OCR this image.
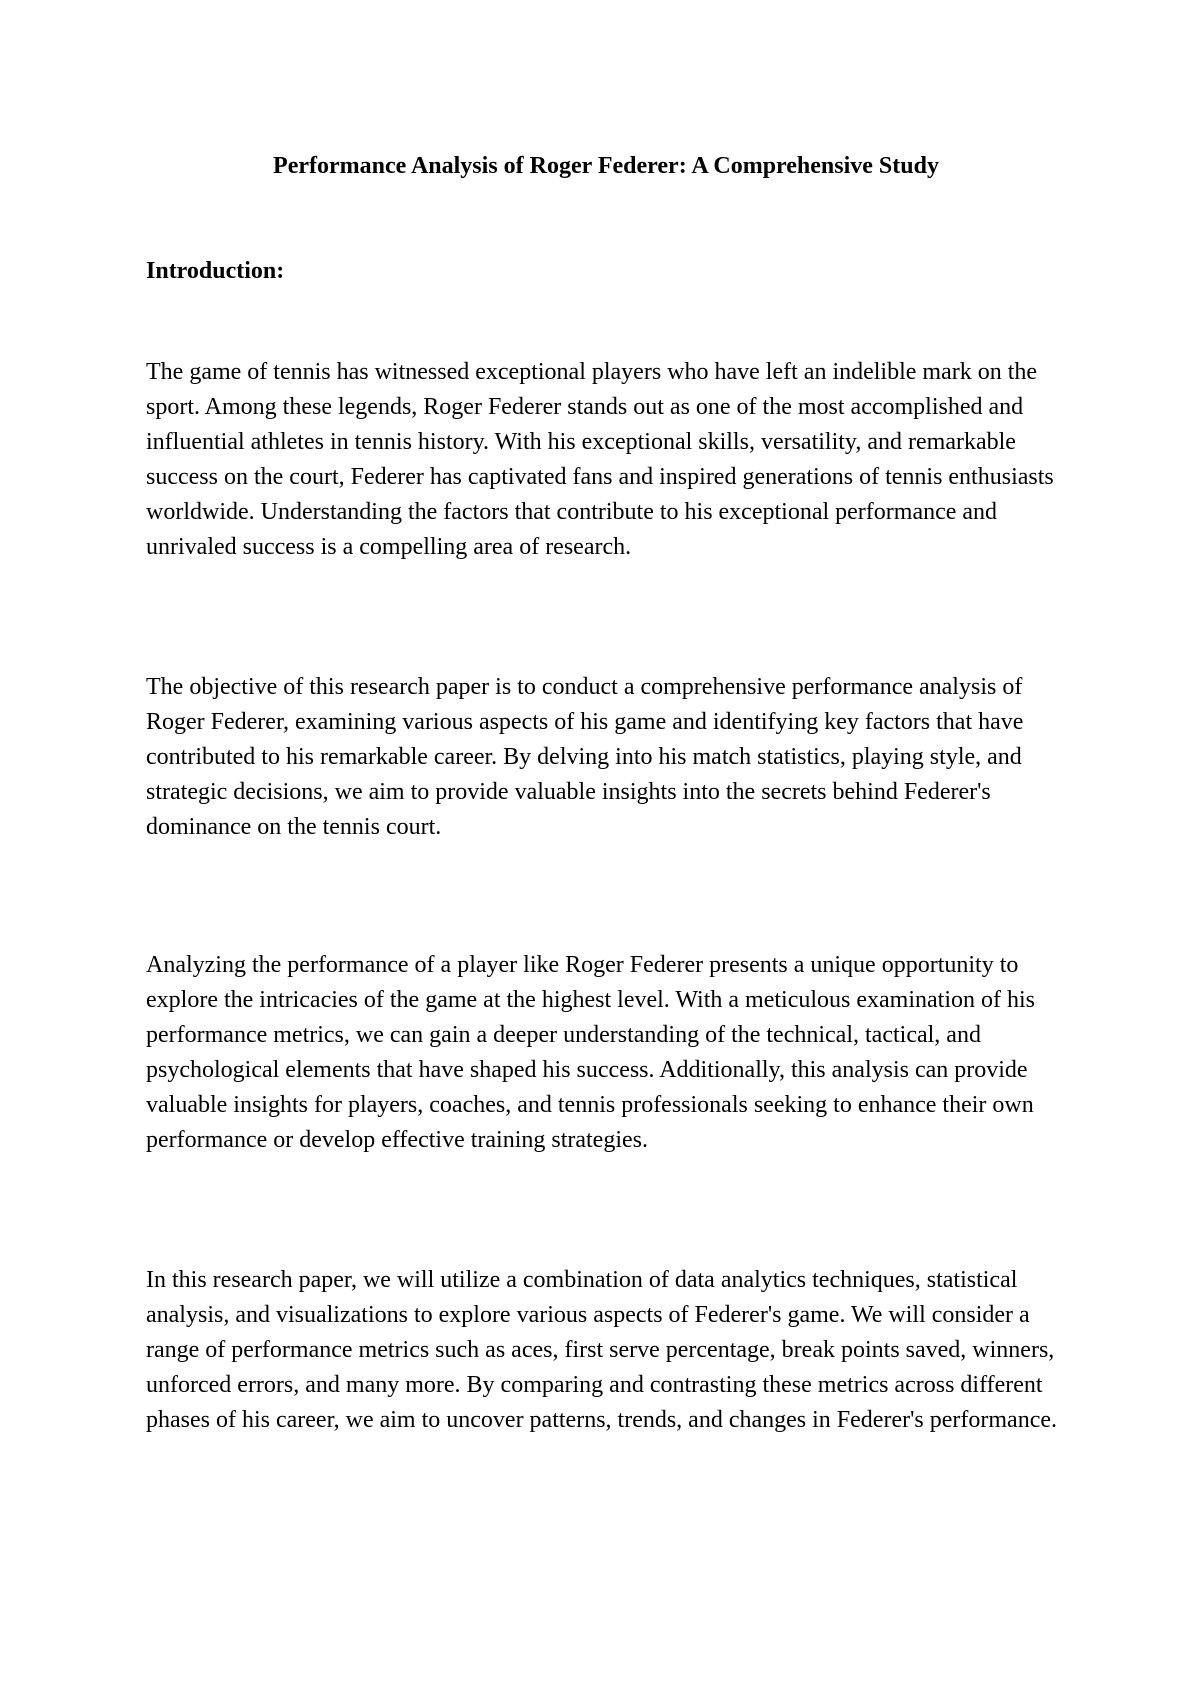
Performance Analysis of Roger Federer: A Comprehensive Study
Introduction:

The game of tennis has witnessed exceptional players who have left an indelible mark on the sport. Among these legends, Roger Federer stands out as one of the most accomplished and influential athletes in tennis history. With his exceptional skills, versatility, and remarkable success on the court, Federer has captivated fans and inspired generations of tennis enthusiasts worldwide. Understanding the factors that contribute to his exceptional performance and unrivaled success is a compelling area of research.

The objective of this research paper is to conduct a comprehensive performance analysis of Roger Federer, examining various aspects of his game and identifying key factors that have contributed to his remarkable career. By delving into his match statistics, playing style, and strategic decisions, we aim to provide valuable insights into the secrets behind Federer's dominance on the tennis court.

Analyzing the performance of a player like Roger Federer presents a unique opportunity to explore the intricacies of the game at the highest level. With a meticulous examination of his performance metrics, we can gain a deeper understanding of the technical, tactical, and psychological elements that have shaped his success. Additionally, this analysis can provide valuable insights for players, coaches, and tennis professionals seeking to enhance their own performance or develop effective training strategies.

In this research paper, we will utilize a combination of data analytics techniques, statistical analysis, and visualizations to explore various aspects of Federer's game. We will consider a range of performance metrics such as aces, first serve percentage, break points saved, winners, unforced errors, and many more. By comparing and contrasting these metrics across different phases of his career, we aim to uncover patterns, trends, and changes in Federer's performance.
